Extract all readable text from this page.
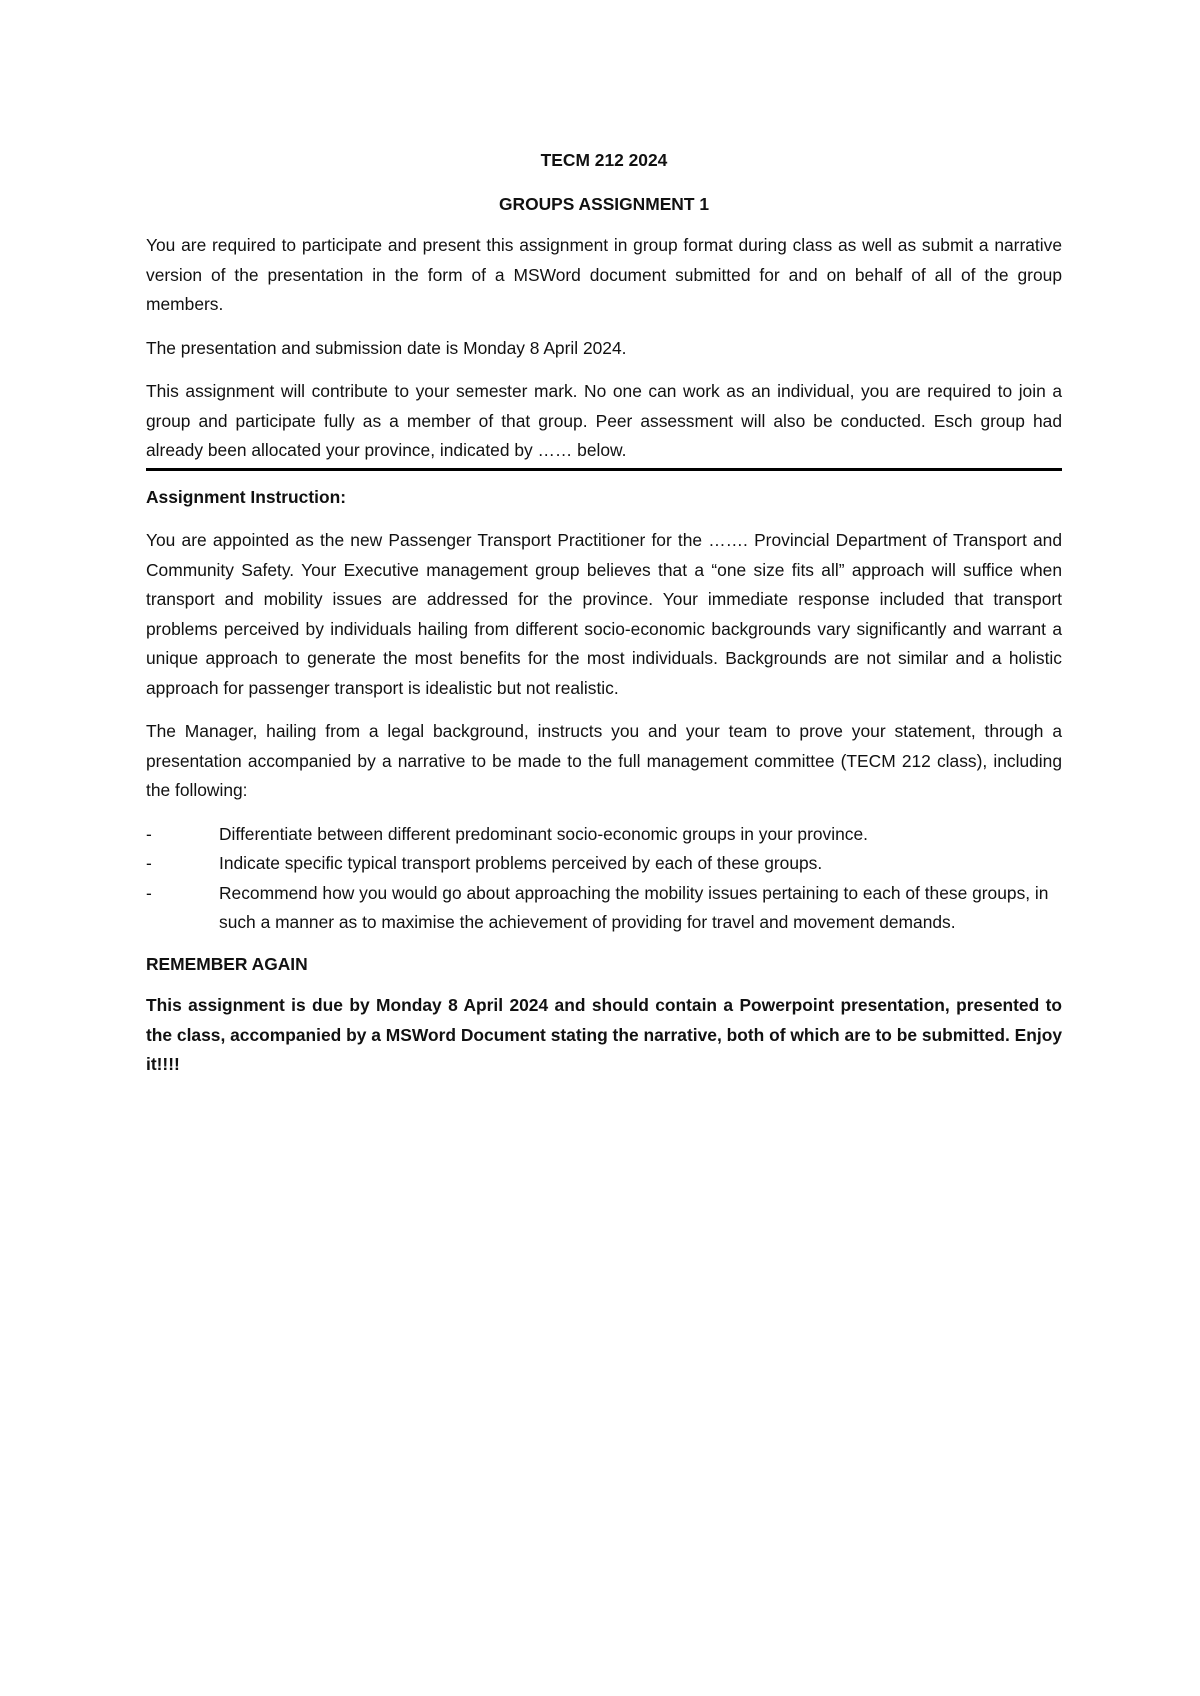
TECM 212 2024
GROUPS ASSIGNMENT 1

You are required to participate and present this assignment in group format during class as well as submit a narrative version of the presentation in the form of a MSWord document submitted for and on behalf of all of the group members.

The presentation and submission date is Monday 8 April 2024.

This assignment will contribute to your semester mark. No one can work as an individual, you are required to join a group and participate fully as a member of that group. Peer assessment will also be conducted. Esch group had already been allocated your province, indicated by …… below.

Assignment Instruction:

You are appointed as the new Passenger Transport Practitioner for the ……. Provincial Department of Transport and Community Safety. Your Executive management group believes that a “one size fits all” approach will suffice when transport and mobility issues are addressed for the province. Your immediate response included that transport problems perceived by individuals hailing from different socio-economic backgrounds vary significantly and warrant a unique approach to generate the most benefits for the most individuals. Backgrounds are not similar and a holistic approach for passenger transport is idealistic but not realistic.

The Manager, hailing from a legal background, instructs you and your team to prove your statement, through a presentation accompanied by a narrative to be made to the full management committee (TECM 212 class), including the following:

-	Differentiate between different predominant socio-economic groups in your province.
-	Indicate specific typical transport problems perceived by each of these groups.
-	Recommend how you would go about approaching the mobility issues pertaining to each of these groups, in such a manner as to maximise the achievement of providing for travel and movement demands.
REMEMBER AGAIN

This assignment is due by Monday 8 April 2024 and should contain a Powerpoint presentation, presented to the class, accompanied by a MSWord Document stating the narrative, both of which are to be submitted. Enjoy it!!!!
